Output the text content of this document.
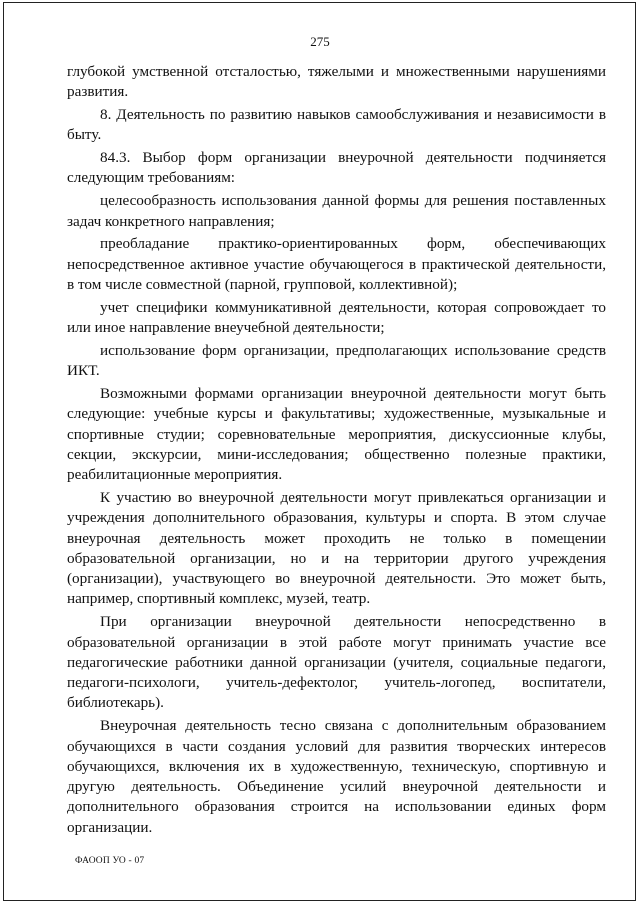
275

глубокой умственной отсталостью, тяжелыми и множественными нарушениями развития.

8. Деятельность по развитию навыков самообслуживания и независимости в быту.

84.3. Выбор форм организации внеурочной деятельности подчиняется следующим требованиям:

целесообразность использования данной формы для решения поставленных задач конкретного направления;

преобладание практико-ориентированных форм, обеспечивающих непосредственное активное участие обучающегося в практической деятельности, в том числе совместной (парной, групповой, коллективной);

учет специфики коммуникативной деятельности, которая сопровождает то или иное направление внеучебной деятельности;

использование форм организации, предполагающих использование средств ИКТ.

Возможными формами организации внеурочной деятельности могут быть следующие: учебные курсы и факультативы; художественные, музыкальные и спортивные студии; соревновательные мероприятия, дискуссионные клубы, секции, экскурсии, мини-исследования; общественно полезные практики, реабилитационные мероприятия.

К участию во внеурочной деятельности могут привлекаться организации и учреждения дополнительного образования, культуры и спорта. В этом случае внеурочная деятельность может проходить не только в помещении образовательной организации, но и на территории другого учреждения (организации), участвующего во внеурочной деятельности. Это может быть, например, спортивный комплекс, музей, театр.

При организации внеурочной деятельности непосредственно в образовательной организации в этой работе могут принимать участие все педагогические работники данной организации (учителя, социальные педагоги, педагоги-психологи, учитель-дефектолог, учитель-логопед, воспитатели, библиотекарь).

Внеурочная деятельность тесно связана с дополнительным образованием обучающихся в части создания условий для развития творческих интересов обучающихся, включения их в художественную, техническую, спортивную и другую деятельность. Объединение усилий внеурочной деятельности и дополнительного образования строится на использовании единых форм организации.

ФАООП УО - 07
